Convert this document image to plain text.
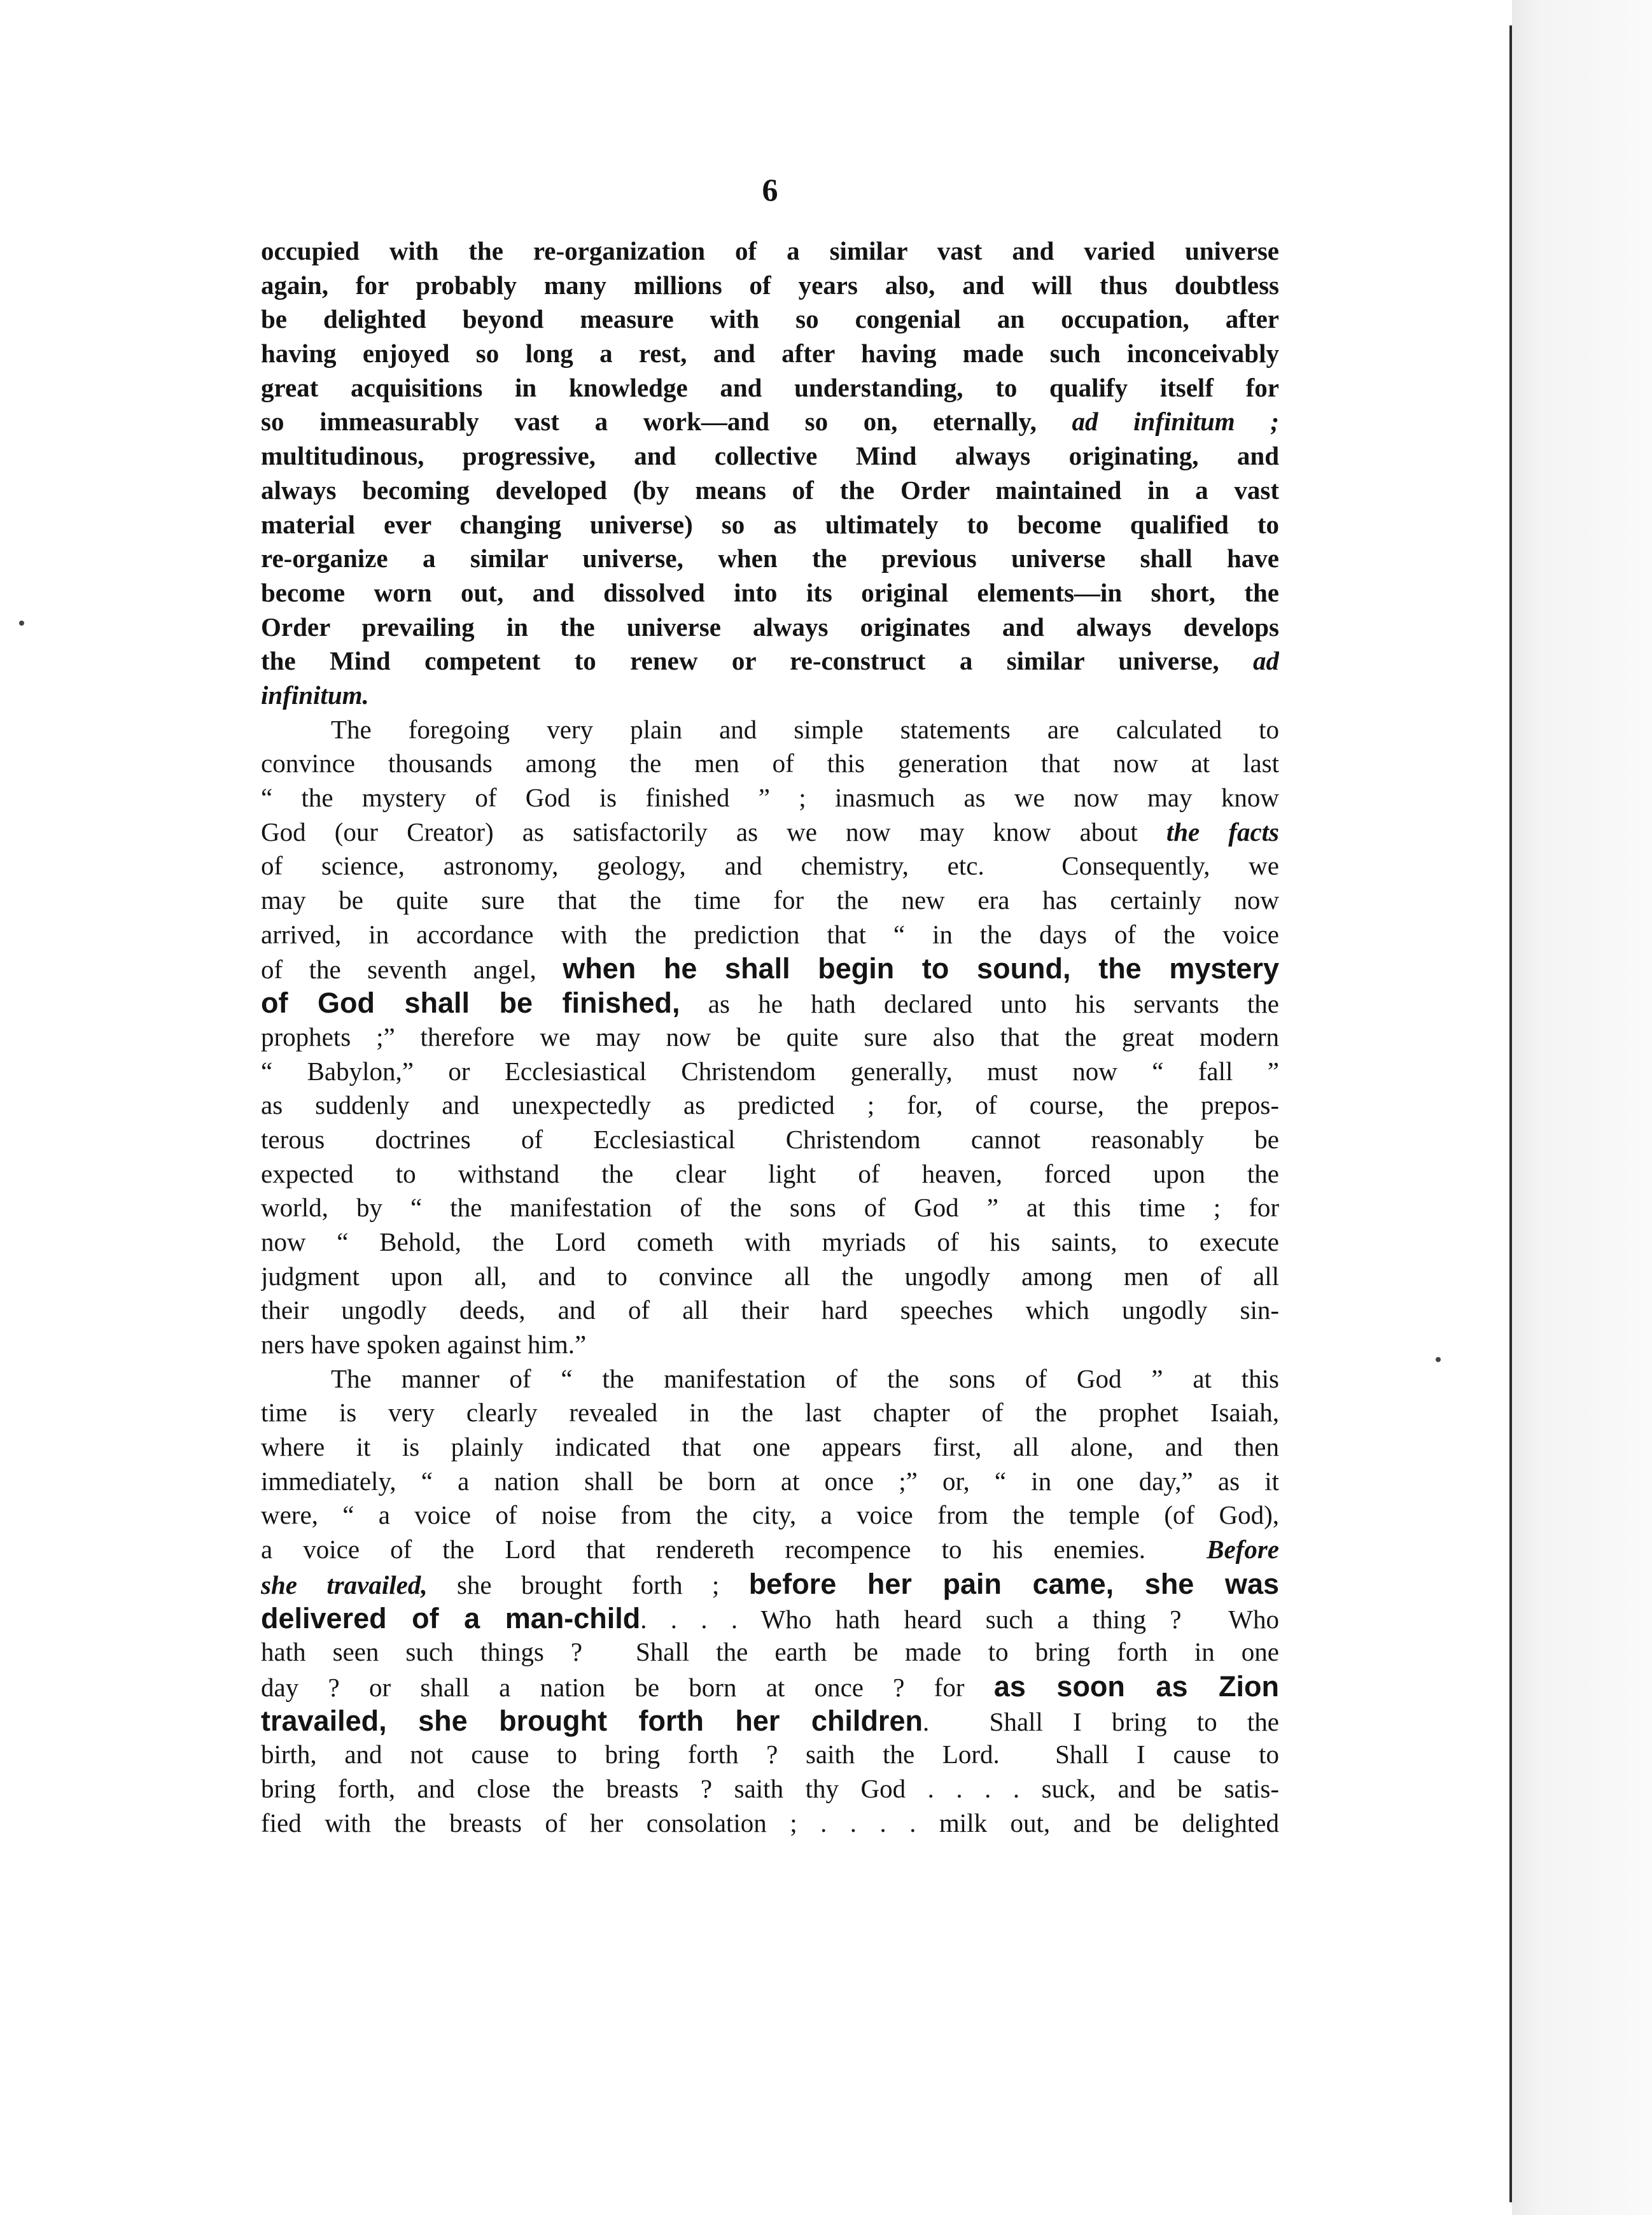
6
occupied with the re-organization of a similar vast and varied universe
again, for probably many millions of years also, and will thus doubtless
be delighted beyond measure with so congenial an occupation, after
having enjoyed so long a rest, and after having made such inconceivably
great acquisitions in knowledge and understanding, to qualify itself for
so immeasurably vast a work—and so on, eternally, ad infinitum ;
multitudinous, progressive, and collective Mind always originating, and
always becoming developed (by means of the Order maintained in a vast
material ever changing universe) so as ultimately to become qualified to
re-organize a similar universe, when the previous universe shall have
become worn out, and dissolved into its original elements—in short, the
Order prevailing in the universe always originates and always develops
the Mind competent to renew or re-construct a similar universe, ad
infinitum.
The foregoing very plain and simple statements are calculated to
convince thousands among the men of this generation that now at last
“ the mystery of God is finished ” ; inasmuch as we now may know
God (our Creator) as satisfactorily as we now may know about the facts
of science, astronomy, geology, and chemistry, etc.  Consequently, we
may be quite sure that the time for the new era has certainly now
arrived, in accordance with the prediction that “ in the days of the voice
of the seventh angel, when he shall begin to sound, the mystery
of God shall be finished, as he hath declared unto his servants the
prophets ;” therefore we may now be quite sure also that the great modern
“ Babylon,” or Ecclesiastical Christendom generally, must now “ fall ”
as suddenly and unexpectedly as predicted ; for, of course, the prepos-
terous doctrines of Ecclesiastical Christendom cannot reasonably be
expected to withstand the clear light of heaven, forced upon the
world, by “ the manifestation of the sons of God ” at this time ; for
now “ Behold, the Lord cometh with myriads of his saints, to execute
judgment upon all, and to convince all the ungodly among men of all
their ungodly deeds, and of all their hard speeches which ungodly sin-
ners have spoken against him.”
The manner of “ the manifestation of the sons of God ” at this
time is very clearly revealed in the last chapter of the prophet Isaiah,
where it is plainly indicated that one appears first, all alone, and then
immediately, “ a nation shall be born at once ;” or, “ in one day,” as it
were, “ a voice of noise from the city, a voice from the temple (of God),
a voice of the Lord that rendereth recompence to his enemies.  Before
she travailed, she brought forth ; before her pain came, she was
delivered of a man-child. . . . Who hath heard such a thing ?  Who
hath seen such things ?  Shall the earth be made to bring forth in one
day ? or shall a nation be born at once ? for as soon as Zion
travailed, she brought forth her children.  Shall I bring to the
birth, and not cause to bring forth ? saith the Lord.  Shall I cause to
bring forth, and close the breasts ? saith thy God . . . . suck, and be satis-
fied with the breasts of her consolation ; . . . . milk out, and be delighted
